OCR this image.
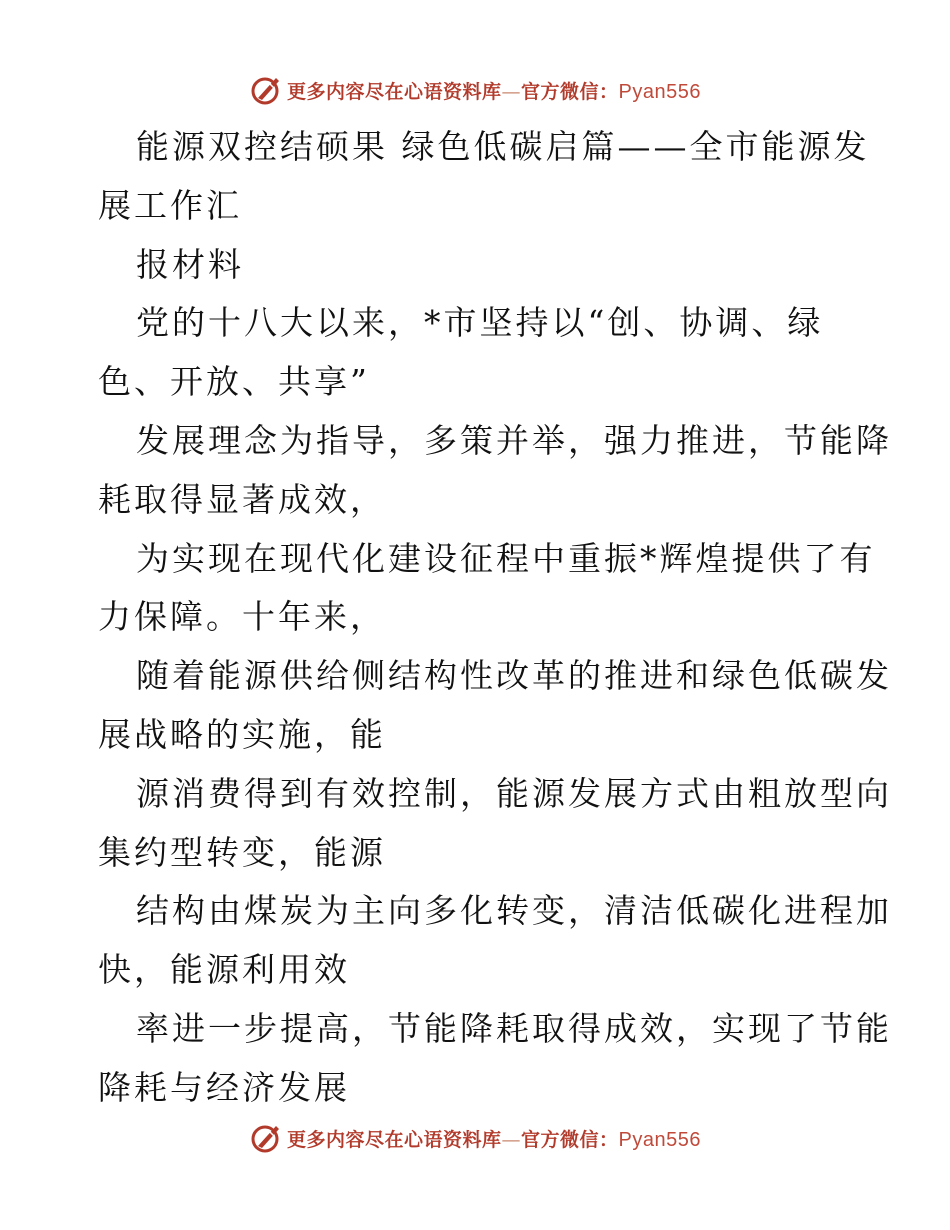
更多内容尽在心语资料库—官方微信：Pyan556
能源双控结硕果 绿色低碳启篇——全市能源发
展工作汇
报材料
党的十八大以来，*市坚持以“创、协调、绿
色、开放、共享”
发展理念为指导，多策并举，强力推进，节能降
耗取得显著成效，
为实现在现代化建设征程中重振*辉煌提供了有
力保障。十年来，
随着能源供给侧结构性改革的推进和绿色低碳发
展战略的实施，能
源消费得到有效控制，能源发展方式由粗放型向
集约型转变，能源
结构由煤炭为主向多化转变，清洁低碳化进程加
快，能源利用效
率进一步提高，节能降耗取得成效，实现了节能
降耗与经济发展
更多内容尽在心语资料库—官方微信：Pyan556
